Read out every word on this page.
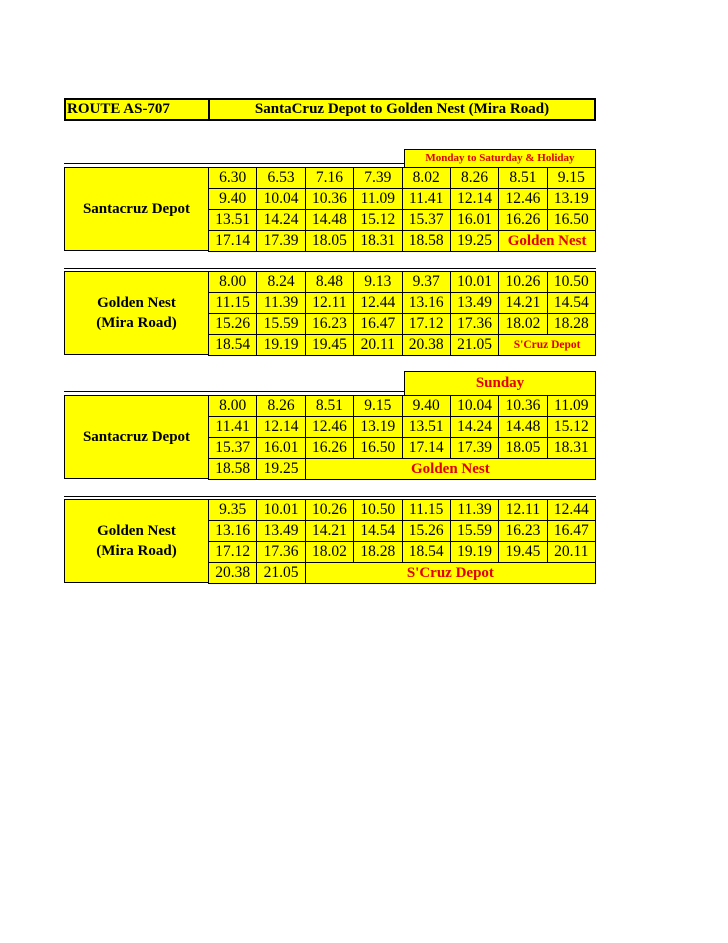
ROUTE AS-707	SantaCruz Depot to Golden Nest (Mira Road)
Monday to Saturday & Holiday
Santacruz Depot
6.30	6.53	7.16	7.39	8.02	8.26	8.51	9.15
9.40	10.04	10.36	11.09	11.41	12.14	12.46	13.19
13.51	14.24	14.48	15.12	15.37	16.01	16.26	16.50
17.14	17.39	18.05	18.31	18.58	19.25	Golden Nest	
Golden Nest
(Mira Road)
8.00	8.24	8.48	9.13	9.37	10.01	10.26	10.50
11.15	11.39	12.11	12.44	13.16	13.49	14.21	14.54
15.26	15.59	16.23	16.47	17.12	17.36	18.02	18.28
18.54	19.19	19.45	20.11	20.38	21.05	S'Cruz Depot	
Sunday
Santacruz Depot
8.00	8.26	8.51	9.15	9.40	10.04	10.36	11.09
11.41	12.14	12.46	13.19	13.51	14.24	14.48	15.12
15.37	16.01	16.26	16.50	17.14	17.39	18.05	18.31
18.58	19.25	Golden Nest					
Golden Nest
(Mira Road)
9.35	10.01	10.26	10.50	11.15	11.39	12.11	12.44
13.16	13.49	14.21	14.54	15.26	15.59	16.23	16.47
17.12	17.36	18.02	18.28	18.54	19.19	19.45	20.11
20.38	21.05	S'Cruz Depot					
